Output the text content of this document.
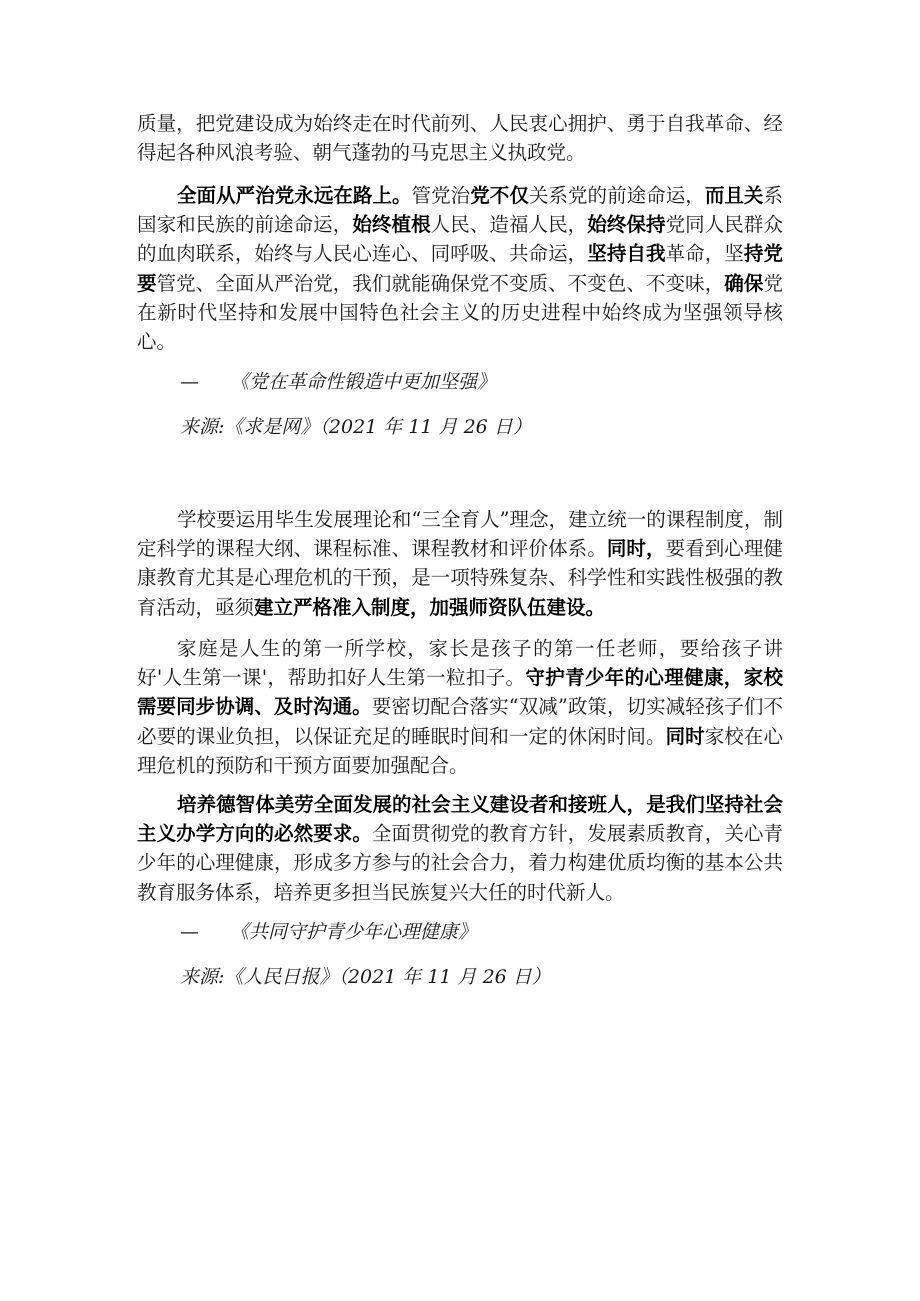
质量，把党建设成为始终走在时代前列、人民衷心拥护、勇于自我革命、经得起各种风浪考验、朝气蓬勃的马克思主义执政党。

全面从严治党永远在路上。管党治党不仅关系党的前途命运，而且关系国家和民族的前途命运，始终植根人民、造福人民，始终保持党同人民群众的血肉联系，始终与人民心连心、同呼吸、共命运，坚持自我革命，坚持党要管党、全面从严治党，我们就能确保党不变质、不变色、不变味，确保党在新时代坚持和发展中国特色社会主义的历史进程中始终成为坚强领导核心。

— 《党在革命性锻造中更加坚强》
来源:《求是网》（2021 年 11 月 26 日）

学校要运用毕生发展理论和“三全育人”理念，建立统一的课程制度，制定科学的课程大纲、课程标准、课程教材和评价体系。同时，要看到心理健康教育尤其是心理危机的干预，是一项特殊复杂、科学性和实践性极强的教育活动，亟须建立严格准入制度，加强师资队伍建设。

家庭是人生的第一所学校，家长是孩子的第一任老师，要给孩子讲好'人生第一课'，帮助扣好人生第一粒扣子。守护青少年的心理健康，家校需要同步协调、及时沟通。要密切配合落实“双减”政策，切实减轻孩子们不必要的课业负担，以保证充足的睡眠时间和一定的休闲时间。同时家校在心理危机的预防和干预方面要加强配合。

培养德智体美劳全面发展的社会主义建设者和接班人，是我们坚持社会主义办学方向的必然要求。全面贯彻党的教育方针，发展素质教育，关心青少年的心理健康，形成多方参与的社会合力，着力构建优质均衡的基本公共教育服务体系，培养更多担当民族复兴大任的时代新人。

— 《共同守护青少年心理健康》
来源:《人民日报》（2021 年 11 月 26 日）
